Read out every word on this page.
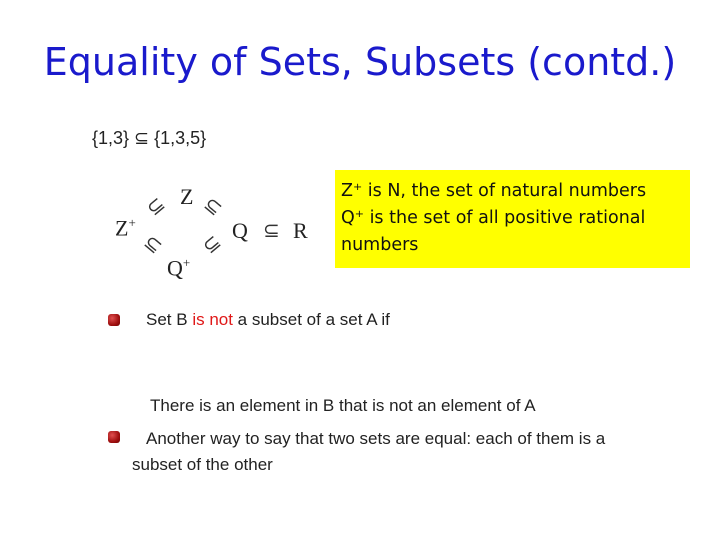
Equality of Sets, Subsets (contd.)
{1,3} ⊆ {1,3,5}
Z
Z+	Q R
Q+
⊆ ⊆
⊆ ⊆ ⊆
Z⁺ is N, the set of natural numbers
Q⁺ is the set of all positive rational
numbers
Set B is not a subset of a set A if
There is an element in B that is not an element of A
Another way to say that two sets are equal: each of them is a
subset of the other
